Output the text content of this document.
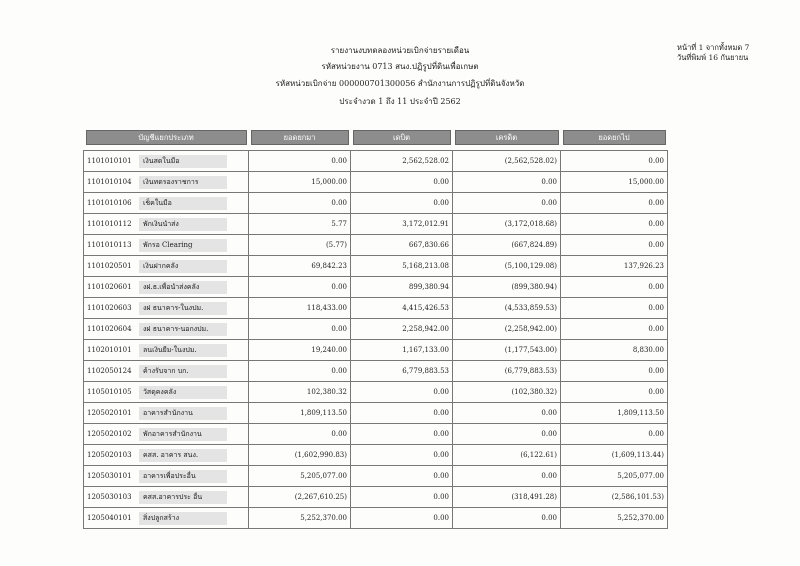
รายงานงบทดลองหน่วยเบิกจ่ายรายเดือน
รหัสหน่วยงาน 0713 สนง.ปฏิรูปที่ดินเพื่อเกษต
รหัสหน่วยเบิกจ่าย 000000701300056 สำนักงานการปฏิรูปที่ดินจังหวัด
ประจำงวด 1 ถึง 11 ประจำปี 2562
หน้าที่ 1 จากทั้งหมด 7
วันที่พิมพ์ 16 กันยายน
บัญชีแยกประเภท	ยอดยกมา	เดบิต	เครดิต	ยอดยกไป

1101010101 เงินสดในมือ	0.00	2,562,528.02	(2,562,528.02)	0.00
1101010104 เงินทดรองราชการ	15,000.00	0.00	0.00	15,000.00
1101010106 เช็คในมือ	0.00	0.00	0.00	0.00
1101010112 พักเงินนำส่ง	5.77	3,172,012.91	(3,172,018.68)	0.00
1101010113 พักรอ Clearing	(5.77)	667,830.66	(667,824.89)	0.00
1101020501 เงินฝากคลัง	69,842.23	5,168,213.08	(5,100,129.08)	137,926.23
1101020601 งฝ.ธ.เพื่อนำส่งคลัง	0.00	899,380.94	(899,380.94)	0.00
1101020603 งฝ ธนาคาร-ในงปม.	118,433.00	4,415,426.53	(4,533,859.53)	0.00
1101020604 งฝ ธนาคาร-นอกงปม.	0.00	2,258,942.00	(2,258,942.00)	0.00
1102010101 ลนเงินยืม-ในงปม.	19,240.00	1,167,133.00	(1,177,543.00)	8,830.00
1102050124 ค้างรับจาก บก.	0.00	6,779,883.53	(6,779,883.53)	0.00
1105010105 วัสดุคงคลัง	102,380.32	0.00	(102,380.32)	0.00
1205020101 อาคารสำนักงาน	1,809,113.50	0.00	0.00	1,809,113.50
1205020102 พักอาคารสำนักงาน	0.00	0.00	0.00	0.00
1205020103 คสส. อาคาร สนง.	(1,602,990.83)	0.00	(6,122.61)	(1,609,113.44)
1205030101 อาคารเพื่อประอื่น	5,205,077.00	0.00	0.00	5,205,077.00
1205030103 คสส.อาคารประ อื่น	(2,267,610.25)	0.00	(318,491.28)	(2,586,101.53)
1205040101 สิ่งปลูกสร้าง	5,252,370.00	0.00	0.00	5,252,370.00
